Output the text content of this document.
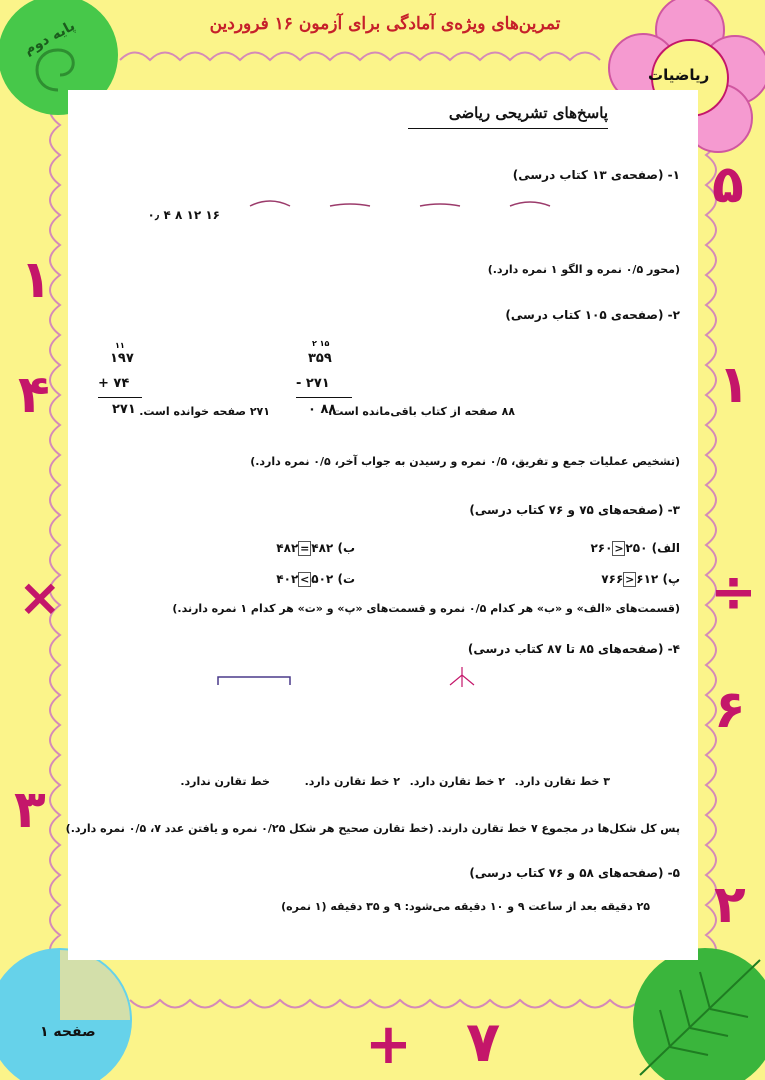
تمرین‌های ویژه‌ی آمادگی برای آزمون ۱۶ فروردین
پایه دوم
ریاضیات
صفحه ۱
۵
۱
÷
۶
۲
۱
۴
×
۳
۷
+
پاسخ‌های تشریحی ریاضی
۱- (صفحه‌ی ۱۳ کتاب درسی)
۱۶ ۱۲ ۸ ۴ ۰٫
(محور ۰/۵ نمره و الگو ۱ نمره دارد.)
۲- (صفحه‌ی ۱۰۵ کتاب درسی)
۲ ۱۵
۳۵۹
- ۲۷۱
۰ ۸۸
۸۸ صفحه از کتاب باقی‌مانده است.
۱۱
۱۹۷
+ ۷۴
۲۷۱ ۲۷۱ صفحه خوانده است.
(تشخیص عملیات جمع و تفریق، ۰/۵ نمره و رسیدن به جواب آخر، ۰/۵ نمره دارد.)
۳- (صفحه‌های ۷۵ و ۷۶ کتاب درسی)
الف) ۲۵۰<۲۶۰
ب) ۴۸۲=۴۸۲
پ) ۶۱۲<۷۶۶
ت) ۵۰۲>۴۰۲
(قسمت‌های «الف» و «ب» هر کدام ۰/۵ نمره و قسمت‌های «پ» و «ت» هر کدام ۱ نمره دارند.)
۴- (صفحه‌های ۸۵ تا ۸۷ کتاب درسی)
۳ خط تقارن دارد.
۲ خط تقارن دارد.
۲ خط تقارن دارد.
خط تقارن ندارد.
پس کل شکل‌ها در مجموع ۷ خط تقارن دارند. (خط تقارن صحیح هر شکل ۰/۲۵ نمره و یافتن عدد ۷، ۰/۵ نمره دارد.)
۵- (صفحه‌های ۵۸ و ۷۶ کتاب درسی)
۲۵ دقیقه بعد از ساعت ۹ و ۱۰ دقیقه می‌شود: ۹ و ۳۵ دقیقه (۱ نمره)
